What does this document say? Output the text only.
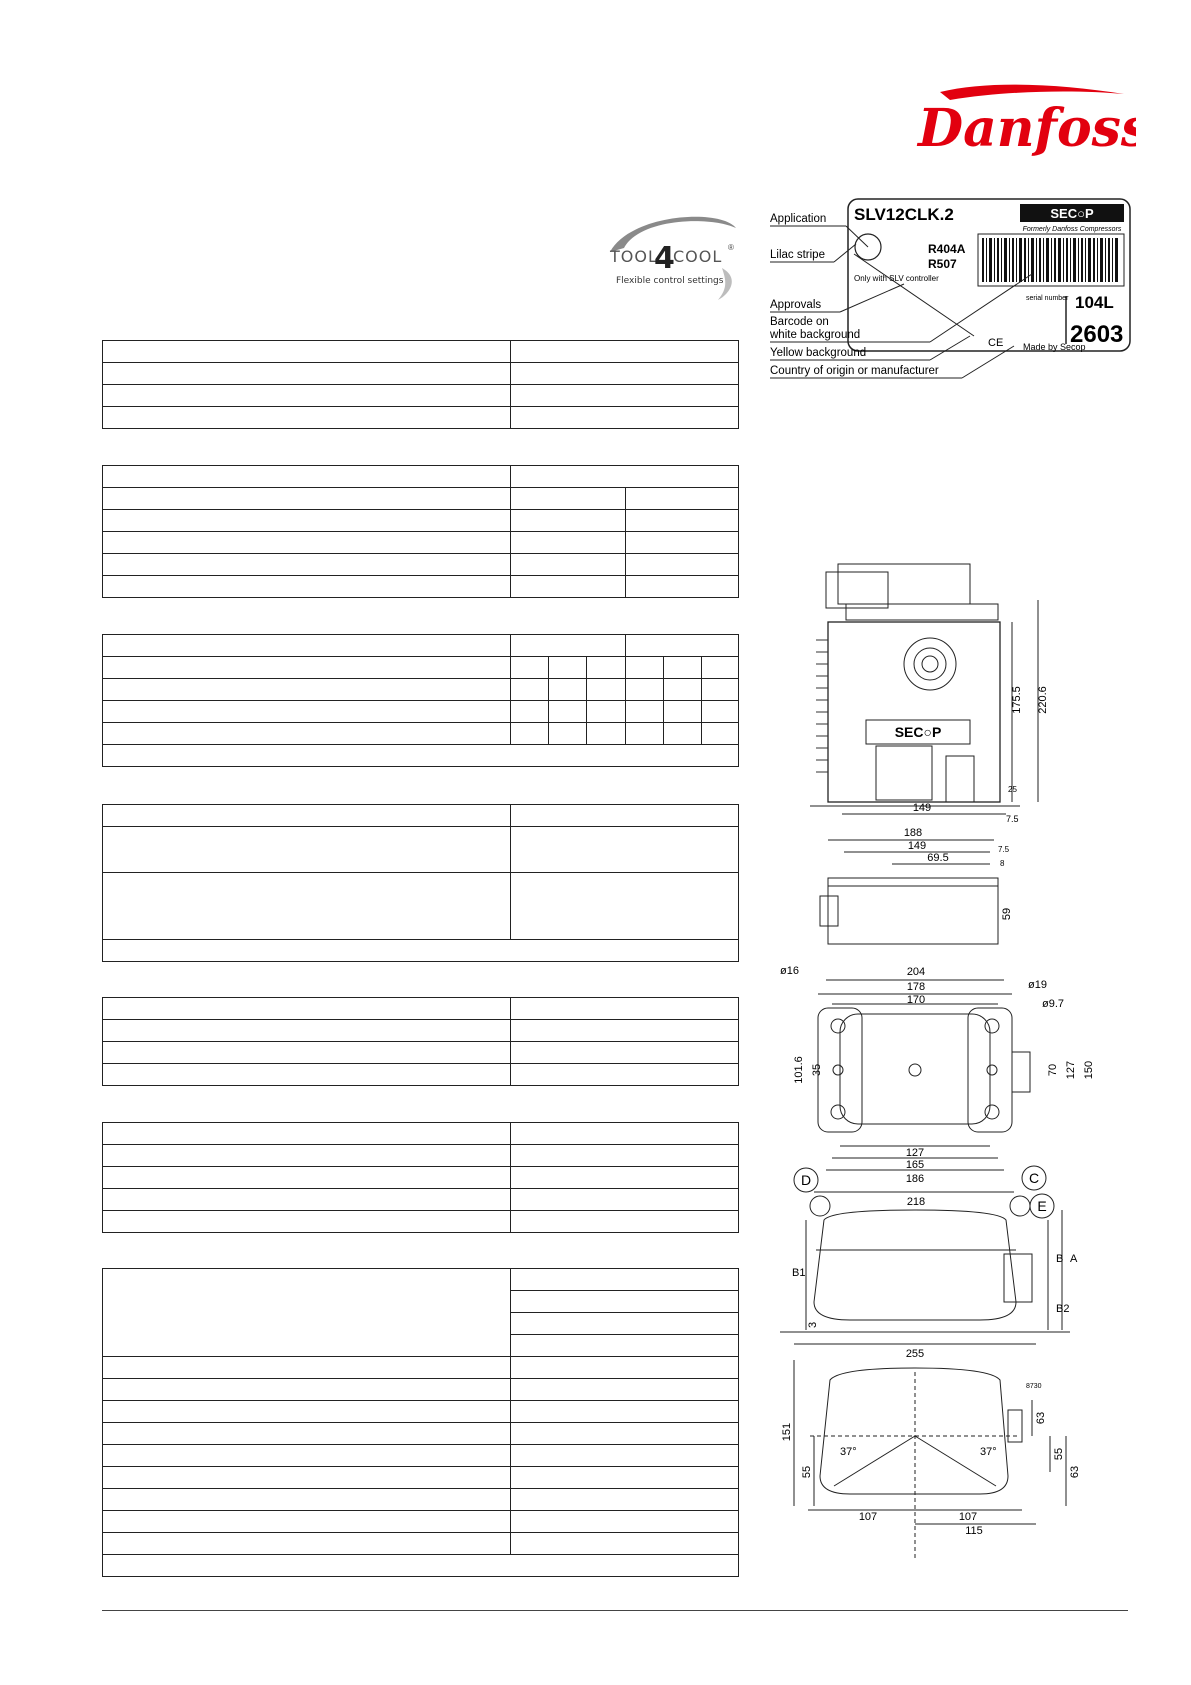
Danfoss
TOOL
4
COOL ®
Flexible control settings
SLV12CLK.2	SEC○P
Formerly Danfoss Compressors
R404A
R507
Only with SLV controller
serial number 104L
2603
CE Made by Secop
Application
Lilac stripe
Approvals
Barcode on
white background
Yellow background
Country of origin or manufacturer

SEC○P
175.5 220.6
149
7.5
25
188
149
69.5
7.5
8
59
ø16	204
178
170
ø19
ø9.7
101.6 35	70 127 150
127
165
186
D	C
E
218
255
B1
B A
B2
3
8730
151
55
37°	37°
63
55
63
107	107
115
